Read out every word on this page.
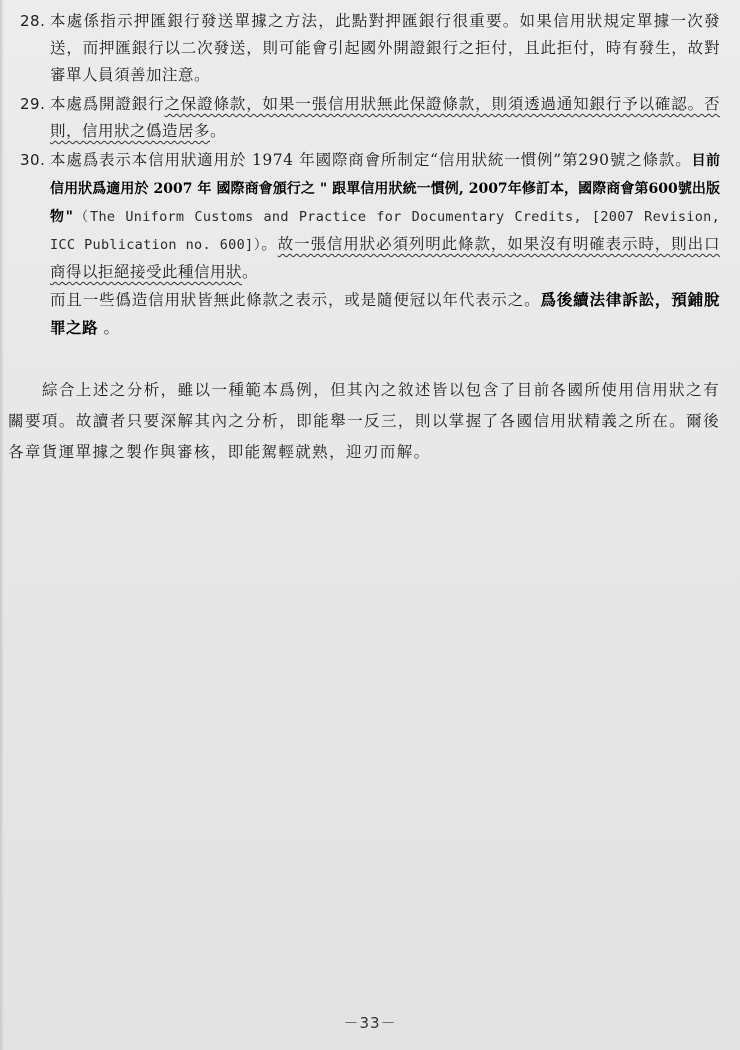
28. 本處係指示押匯銀行發送單據之方法，此點對押匯銀行很重要。如果信用狀規定單據一次發送，而押匯銀行以二次發送，則可能會引起國外開證銀行之拒付，且此拒付，時有發生，故對審單人員須善加注意。

29. 本處爲開證銀行之保證條款，如果一張信用狀無此保證條款，則須透過通知銀行予以確認。否則，信用狀之僞造居多。

30. 本處爲表示本信用狀適用於 1974 年國際商會所制定“信用狀統一慣例”第290號之條款。目前信用狀爲適用於 2007 年 國際商會頒行之 " 跟單信用狀統一慣例, 2007年修訂本，國際商會第600號出版物"（The Uniform Customs and Practice for Documentary Credits, [2007 Revision, ICC Publication no. 600]）。故一張信用狀必須列明此條款，如果沒有明確表示時，則出口商得以拒絕接受此種信用狀。

而且一些僞造信用狀皆無此條款之表示，或是隨便冠以年代表示之。爲後續法律訴訟，預鋪脫罪之路 。

綜合上述之分析，雖以一種範本爲例，但其內之敘述皆以包含了目前各國所使用信用狀之有關要項。故讀者只要深解其內之分析，即能舉一反三，則以掌握了各國信用狀精義之所在。爾後各章貨運單據之製作與審核，即能駕輕就熟，迎刃而解。

－33－
